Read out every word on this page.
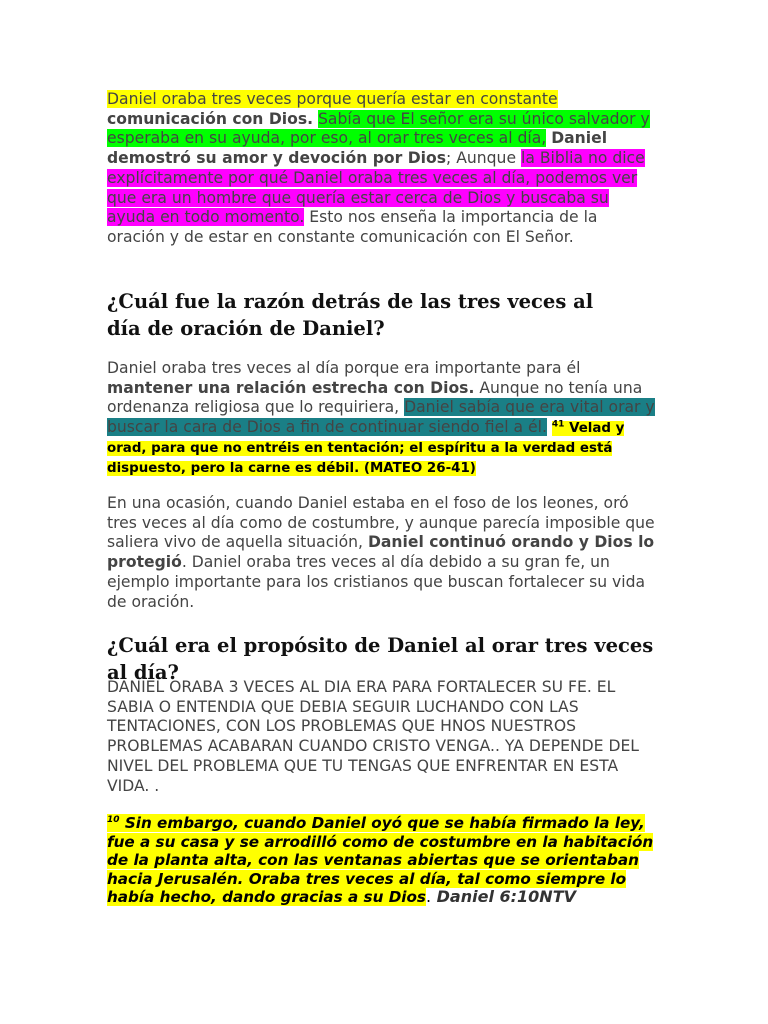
Daniel oraba tres veces porque quería estar en constante comunicación con Dios. Sabía que El señor era su único salvador y esperaba en su ayuda, por eso, al orar tres veces al día, Daniel demostró su amor y devoción por Dios; Aunque la Biblia no dice explícitamente por qué Daniel oraba tres veces al día, podemos ver que era un hombre que quería estar cerca de Dios y buscaba su ayuda en todo momento. Esto nos enseña la importancia de la oración y de estar en constante comunicación con El Señor.

¿Cuál fue la razón detrás de las tres veces al día de oración de Daniel?

Daniel oraba tres veces al día porque era importante para él mantener una relación estrecha con Dios. Aunque no tenía una ordenanza religiosa que lo requiriera, Daniel sabía que era vital orar y buscar la cara de Dios a fin de continuar siendo fiel a él. $^{41}$ Velad y orad, para que no entréis en tentación; el espíritu a la verdad está dispuesto, pero la carne es débil. (MATEO 26-41)

En una ocasión, cuando Daniel estaba en el foso de los leones, oró tres veces al día como de costumbre, y aunque parecía imposible que saliera vivo de aquella situación, Daniel continuó orando y Dios lo protegió. Daniel oraba tres veces al día debido a su gran fe, un ejemplo importante para los cristianos que buscan fortalecer su vida de oración.

¿Cuál era el propósito de Daniel al orar tres veces al día?

DANIEL ORABA 3 VECES AL DIA ERA PARA FORTALECER SU FE. EL SABIA O ENTENDIA QUE DEBIA SEGUIR LUCHANDO CON LAS TENTACIONES, CON LOS PROBLEMAS QUE HNOS NUESTROS PROBLEMAS ACABARAN CUANDO CRISTO VENGA.. YA DEPENDE DEL NIVEL DEL PROBLEMA QUE TU TENGAS QUE ENFRENTAR EN ESTA VIDA. .

$^{10}$ Sin embargo, cuando Daniel oyó que se había firmado la ley, fue a su casa y se arrodilló como de costumbre en la habitación de la planta alta, con las ventanas abiertas que se orientaban hacia Jerusalén. Oraba tres veces al día, tal como siempre lo había hecho, dando gracias a su Dios. Daniel 6:10NTV
